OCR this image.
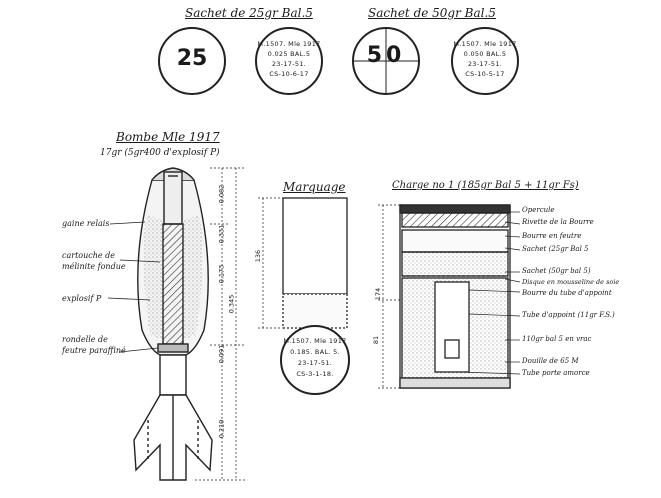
Sachet de 25gr Bal.5	Sachet de 50gr Bal.5
25
M.1507. Mle 1917
0.025 BAL.5
23-17-51.
CS-10-6-17
50	M.1507. Mle 1917
0.050 BAL.5
23-17-51.
CS-10-5-17
Bombe Mle 1917
17gr (5gr400 d'explosif P)
gaine relais
cartouche de
mélinite fondue
explosif P
rondelle de
feutre paraffiné
0.082
0.173
0.331
0.345
0.091
0.210
Marquage
136
M.1507. Mle 1917
0.185. BAL. 5.
23-17-51.
CS-3-1-18.
Charge no 1 (185gr Bal 5 + 11gr Fs)
Opercule
Rivette de la Bourre
Bourre en feutre
Sachet (25gr Bal 5
Sachet (50gr bal 5)
Disque en mousseline de soie
Bourre du tube d'appoint
Tube d'appoint (11gr F.S.)
110gr bal 5 en vrac
Douille de 65 M
Tube porte amorce
174
81
